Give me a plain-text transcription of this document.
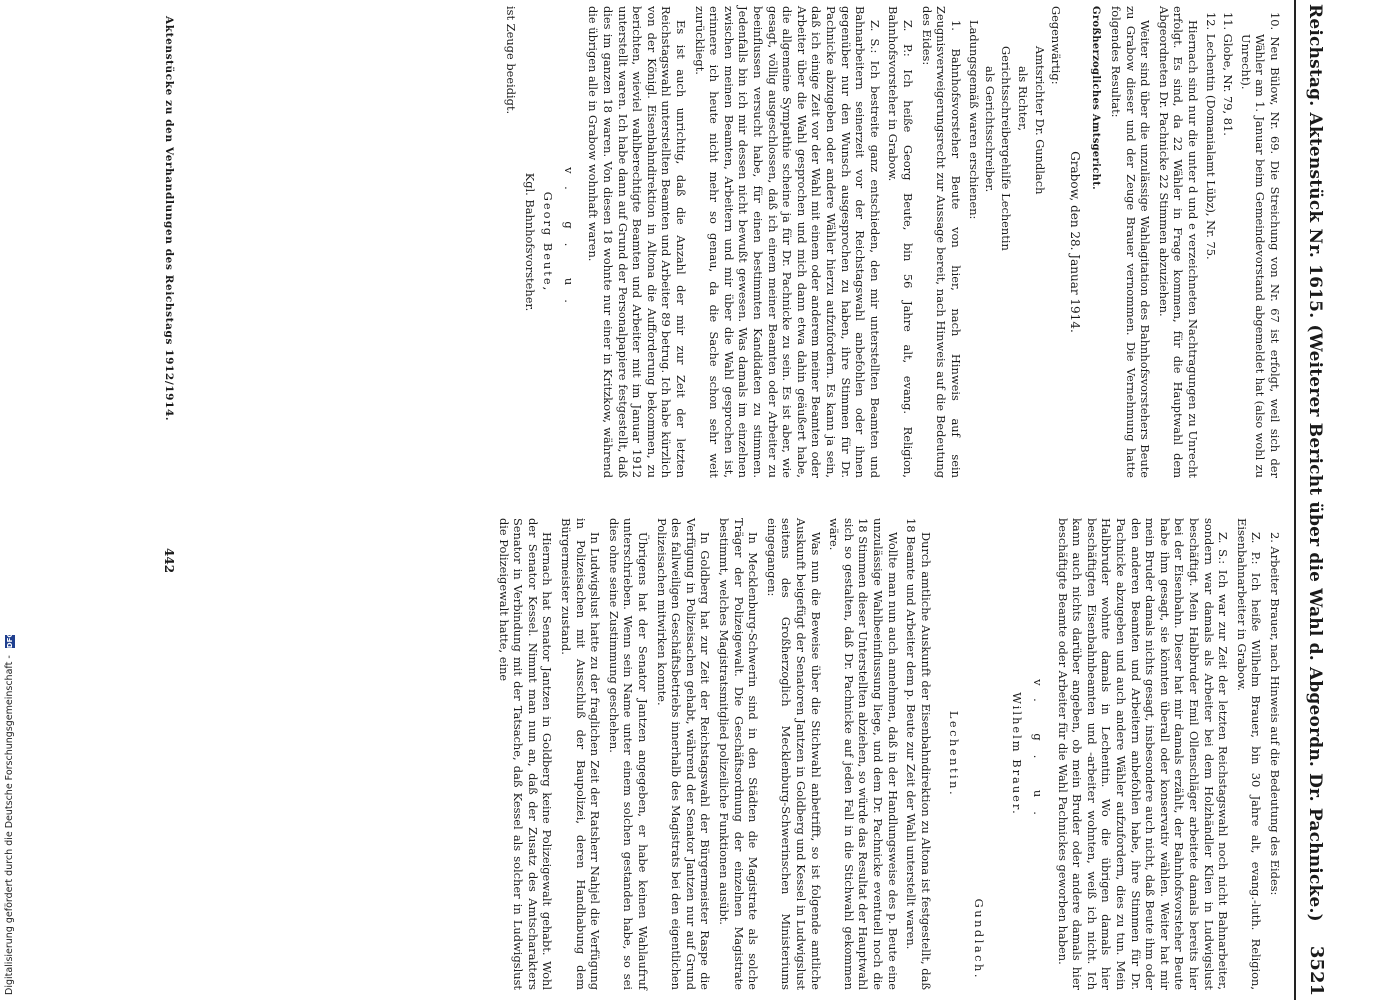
Reichstag. Aktenstück Nr. 1615. (Weiterer Bericht über die Wahl d. Abgeordn. Dr. Pachnicke.)
3521
10. Neu Bülow, Nr. 69. Die Streichung von Nr. 67 ist erfolgt, weil sich der Wähler am 1. Januar beim Gemeindevorstand abgemeldet hat (also wohl zu Unrecht).
11. Globe, Nr. 79, 81.
12. Lechentin (Domanialamt Lübz), Nr. 75.

Hiernach sind nur die unter d und e verzeichneten Nachtragungen zu Unrecht erfolgt. Es sind, da 22 Wähler in Frage kommen, für die Hauptwahl dem Abgeordneten Dr. Pachnicke 22 Stimmen abzuziehen.

Weiter sind über die unzulässige Wahlagitation des Bahnhofsvorstehers Beute zu Grabow dieser und der Zeuge Brauer vernommen. Die Vernehmung hatte folgendes Resultat:

Großherzogliches Amtsgericht.
Grabow, den 28. Januar 1914.
Gegenwärtig:
Amtsrichter Dr. Gundlach
als Richter,
Gerichtsschreibergehilfe Lechentin
als Gerichtsschreiber.

Ladungsgemäß waren erschienen:

1. Bahnhofsvorsteher Beute von hier, nach Hinweis auf sein Zeugnisverweigerungsrecht zur Aussage bereit, nach Hinweis auf die Bedeutung des Eides:

Z. P.: Ich heiße Georg Beute, bin 56 Jahre alt, evang. Religion, Bahnhofsvorsteher in Grabow.

Z. S.: Ich bestreite ganz entschieden, den mir unterstellten Beamten und Bahnarbeitern seinerzeit vor der Reichstagswahl anbefohlen oder ihnen gegenüber nur den Wunsch ausgesprochen zu haben, ihre Stimmen für Dr. Pachnicke abzugeben oder andere Wähler hierzu aufzufordern. Es kann ja sein, daß ich einige Zeit vor der Wahl mit einem oder anderem meiner Beamten oder Arbeiter über die Wahl gesprochen und mich dann etwa dahin geäußert habe, die allgemeine Sympathie scheine ja für Dr. Pachnicke zu sein. Es ist aber, wie gesagt, völlig ausgeschlossen, daß ich einem meiner Beamten oder Arbeiter zu beeinflussen versucht habe, für einen bestimmten Kandidaten zu stimmen. Jedenfalls bin ich mir dessen nicht bewußt gewesen. Was damals im einzelnen zwischen meinen Beamten, Arbeitern und mir über die Wahl gesprochen ist, erinnere ich heute nicht mehr so genau, da die Sache schon sehr weit zurückliegt.

Es ist auch unrichtig, daß die Anzahl der mir zur Zeit der letzten Reichstagswahl unterstellten Beamten und Arbeiter 89 betrug. Ich habe kürzlich von der Königl. Eisenbahndirektion in Altona die Aufforderung bekommen, zu berichten, wieviel wahlberechtigte Beamten und Arbeiter mit im Januar 1912 unterstellt waren. Ich habe dann auf Grund der Personalpapiere festgestellt, daß dies im ganzen 18 waren. Von diesen 18 wohnte nur einer in Kritzkow, während die übrigen alle in Grabow wohnhaft waren.

v. g. u.
Georg Beute,
Kgl. Bahnhofsvorsteher.
ist Zeuge beeidigt.

2. Arbeiter Brauer, nach Hinweis auf die Bedeutung des Eides:

Z. P.: Ich heiße Wilhelm Brauer, bin 30 Jahre alt, evang.-luth. Religion, Eisenbahnarbeiter in Grabow.

Z. S.: Ich war zur Zeit der letzten Reichstagswahl noch nicht Bahnarbeiter, sondern war damals als Arbeiter bei dem Holzhändler Klien in Ludwigslust beschäftigt. Mein Halbbruder Emil Ollenschläger arbeitete damals bereits hier bei der Eisenbahn. Dieser hat mir damals erzählt, der Bahnhofsvorsteher Beute habe ihm gesagt, sie könnten überall oder konservativ wählen. Weiter hat mir mein Bruder damals nichts gesagt, insbesondere auch nicht, daß Beute ihm oder den anderen Beamten und Arbeitern anbefohlen habe, ihre Stimmen für Dr. Pachnicke abzugeben und auch andere Wähler aufzufordern, dies zu tun. Mein Halbbruder wohnte damals in Lechentin. Wo die übrigen damals hier beschäftigten Eisenbahnbeamten und -arbeiter wohnten, weiß ich nicht. Ich kann auch nichts darüber angeben, ob mein Bruder oder andere damals hier beschäftigte Beamte oder Arbeiter für die Wahl Pachnickes geworben haben.

v. g. u.
Wilhelm Brauer.
Gundlach.
Lechentin.

Durch amtliche Auskunft der Eisenbahndirektion zu Altona ist festgestellt, daß 18 Beamte und Arbeiter dem p. Beute zur Zeit der Wahl unterstellt waren.

Wollte man nun auch annehmen, daß in der Handlungsweise des p. Beute eine unzulässige Wahlbeeinflussung liege, und dem Dr. Pachnicke eventuell noch die 18 Stimmen dieser Unterstellten abziehen, so würde das Resultat der Hauptwahl sich so gestalten, daß Dr. Pachnicke auf jeden Fall in die Stichwahl gekommen wäre.

Was nun die Beweise über die Stichwahl anbetrifft, so ist folgende amtliche Auskunft beigefügt der Senatoren Jantzen in Goldberg und Kessel in Ludwigslust seitens des Großherzoglich Mecklenburg-Schwerinschen Ministeriums eingegangen:

In Mecklenburg-Schwerin sind in den Städten die Magistrate als solche Träger der Polizeigewalt. Die Geschäftsordnung der einzelnen Magistrate bestimmt, welches Magistratsmitglied polizeiliche Funktionen ausübt.

In Goldberg hat zur Zeit der Reichstagswahl der Bürgermeister Raspe die Verfügung in Polizeisachen gehabt, während der Senator Jantzen nur auf Grund des fallweiligen Geschäftsbetriebs innerhalb des Magistrats bei den eigentlichen Polizeisachen mitwirken konnte.

Übrigens hat der Senator Jantzen angegeben, er habe keinen Wahlaufruf unterschrieben. Wenn sein Name unter einem solchen gestanden habe, so sei dies ohne seine Zustimmung geschehen.

In Ludwigslust hatte zu der fraglichen Zeit der Ratsherr Nahjel die Verfügung in Polizeisachen mit Ausschluß der Baupolizei, deren Handhabung dem Bürgermeister zustand.

Hiernach hat Senator Jantzen in Goldberg keine Polizeigewalt gehabt. Wohl der Senator Kessel. Nimmt man nun an, daß der Zusatz des Amtscharakters Senator in Verbindung mit der Tatsache, daß Kessel als solcher in Ludwigslust die Polizeigewalt hatte, eine

Aktenstücke zu den Verhandlungen des Reichstags 1912/1914.
442
Digitalisierung gefördert durch die Deutsche Forschungsgemeinschaft - DFG
